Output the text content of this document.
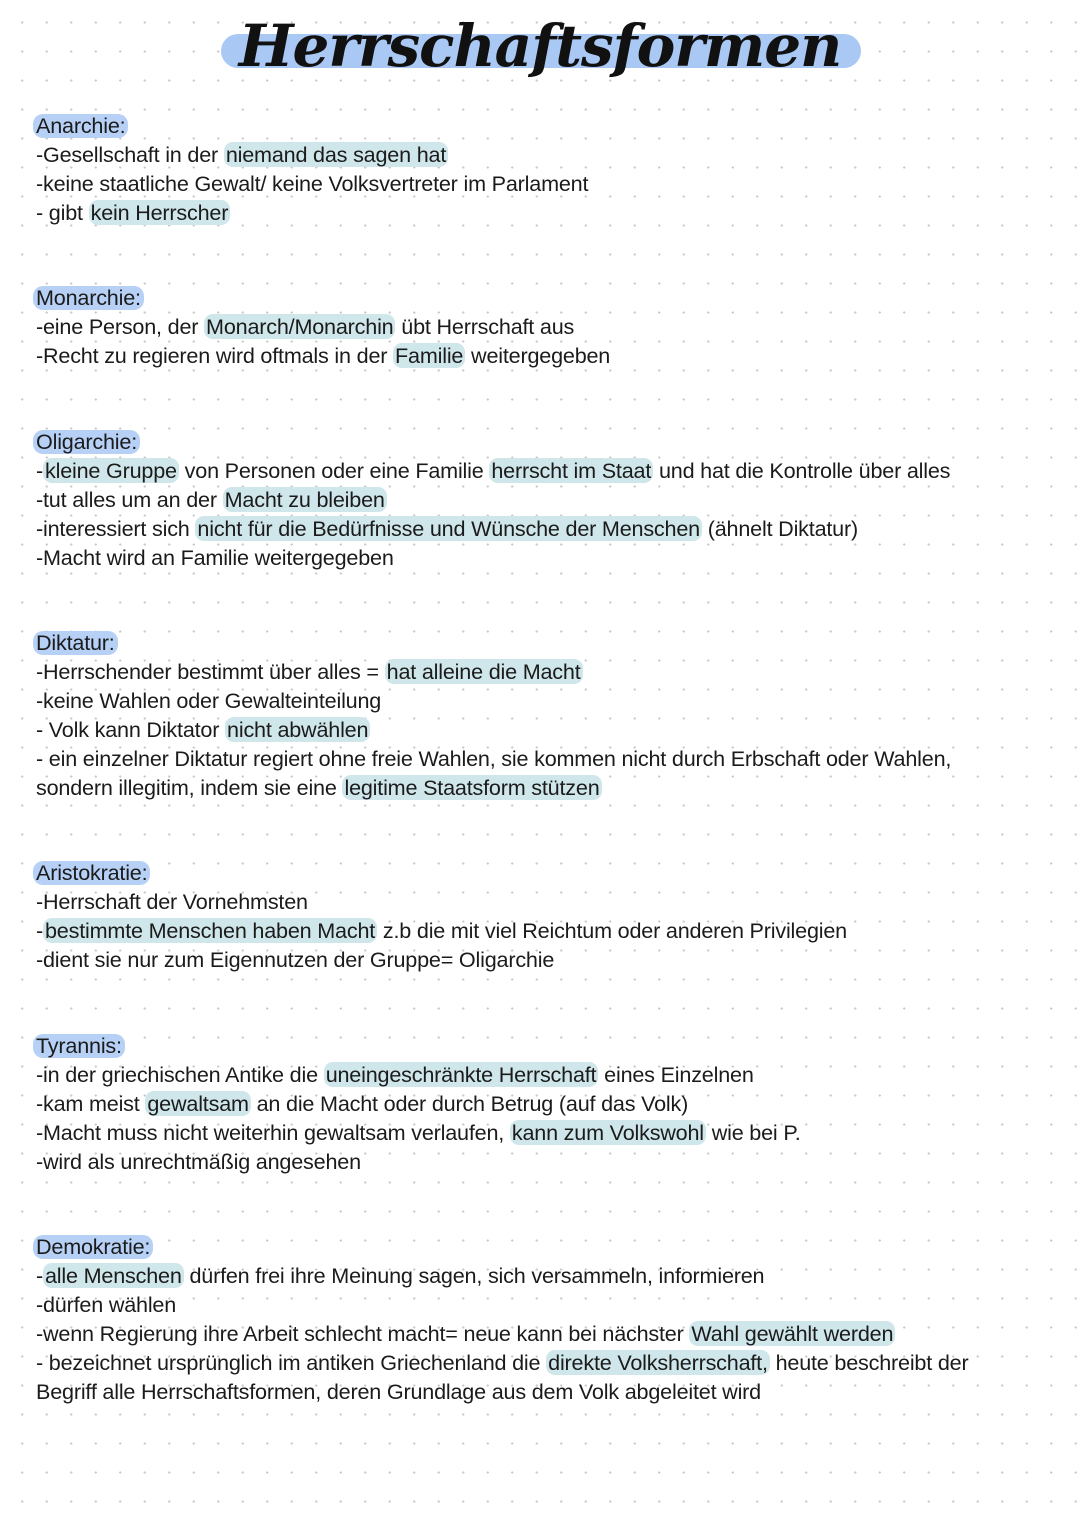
Herrschaftsformen
Anarchie:
-Gesellschaft in der niemand das sagen hat
-keine staatliche Gewalt/ keine Volksvertreter im Parlament
- gibt kein Herrscher
Monarchie:
-eine Person, der Monarch/Monarchin übt Herrschaft aus
-Recht zu regieren wird oftmals in der Familie weitergegeben
Oligarchie:
-kleine Gruppe von Personen oder eine Familie herrscht im Staat und hat die Kontrolle über alles
-tut alles um an der Macht zu bleiben
-interessiert sich nicht für die Bedürfnisse und Wünsche der Menschen (ähnelt Diktatur)
-Macht wird an Familie weitergegeben
Diktatur:
-Herrschender bestimmt über alles = hat alleine die Macht
-keine Wahlen oder Gewalteinteilung
- Volk kann Diktator nicht abwählen
- ein einzelner Diktatur regiert ohne freie Wahlen, sie kommen nicht durch Erbschaft oder Wahlen,
sondern illegitim, indem sie eine legitime Staatsform stützen
Aristokratie:
-Herrschaft der Vornehmsten
-bestimmte Menschen haben Macht z.b die mit viel Reichtum oder anderen Privilegien
-dient sie nur zum Eigennutzen der Gruppe= Oligarchie
Tyrannis:
-in der griechischen Antike die uneingeschränkte Herrschaft eines Einzelnen
-kam meist gewaltsam an die Macht oder durch Betrug (auf das Volk)
-Macht muss nicht weiterhin gewaltsam verlaufen, kann zum Volkswohl wie bei P.
-wird als unrechtmäßig angesehen
Demokratie:
-alle Menschen dürfen frei ihre Meinung sagen, sich versammeln, informieren
-dürfen wählen
-wenn Regierung ihre Arbeit schlecht macht= neue kann bei nächster Wahl gewählt werden
- bezeichnet ursprünglich im antiken Griechenland die direkte Volksherrschaft, heute beschreibt der
Begriff alle Herrschaftsformen, deren Grundlage aus dem Volk abgeleitet wird
